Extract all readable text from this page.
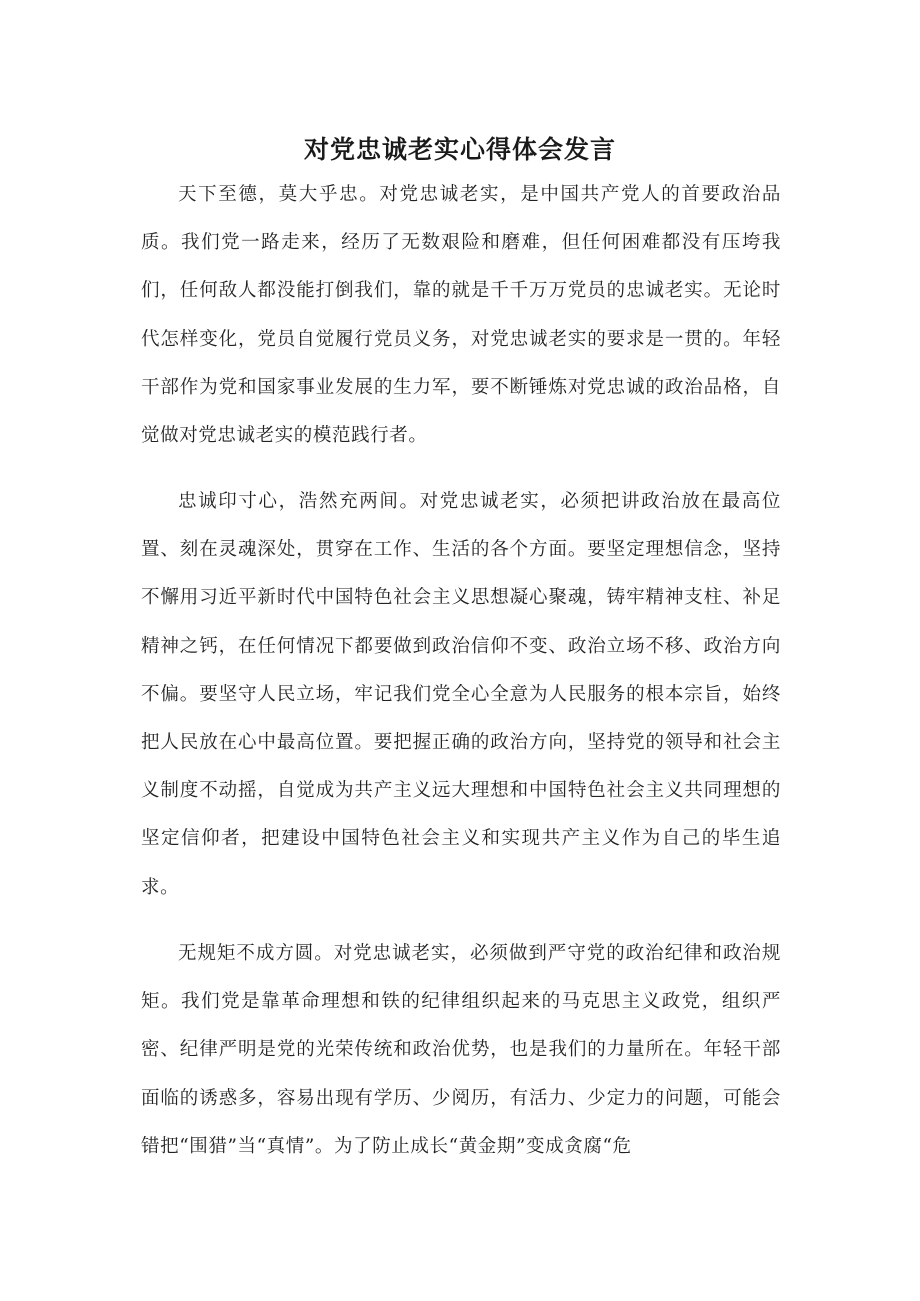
对党忠诚老实心得体会发言

天下至德，莫大乎忠。对党忠诚老实，是中国共产党人的首要政治品质。我们党一路走来，经历了无数艰险和磨难，但任何困难都没有压垮我们，任何敌人都没能打倒我们，靠的就是千千万万党员的忠诚老实。无论时代怎样变化，党员自觉履行党员义务，对党忠诚老实的要求是一贯的。年轻干部作为党和国家事业发展的生力军，要不断锤炼对党忠诚的政治品格，自觉做对党忠诚老实的模范践行者。

忠诚印寸心，浩然充两间。对党忠诚老实，必须把讲政治放在最高位置、刻在灵魂深处，贯穿在工作、生活的各个方面。要坚定理想信念，坚持不懈用习近平新时代中国特色社会主义思想凝心聚魂，铸牢精神支柱、补足精神之钙，在任何情况下都要做到政治信仰不变、政治立场不移、政治方向不偏。要坚守人民立场，牢记我们党全心全意为人民服务的根本宗旨，始终把人民放在心中最高位置。要把握正确的政治方向，坚持党的领导和社会主义制度不动摇，自觉成为共产主义远大理想和中国特色社会主义共同理想的坚定信仰者，把建设中国特色社会主义和实现共产主义作为自己的毕生追求。

无规矩不成方圆。对党忠诚老实，必须做到严守党的政治纪律和政治规矩。我们党是靠革命理想和铁的纪律组织起来的马克思主义政党，组织严密、纪律严明是党的光荣传统和政治优势，也是我们的力量所在。年轻干部面临的诱惑多，容易出现有学历、少阅历，有活力、少定力的问题，可能会错把“围猎”当“真情”。为了防止成长“黄金期”变成贪腐“危
